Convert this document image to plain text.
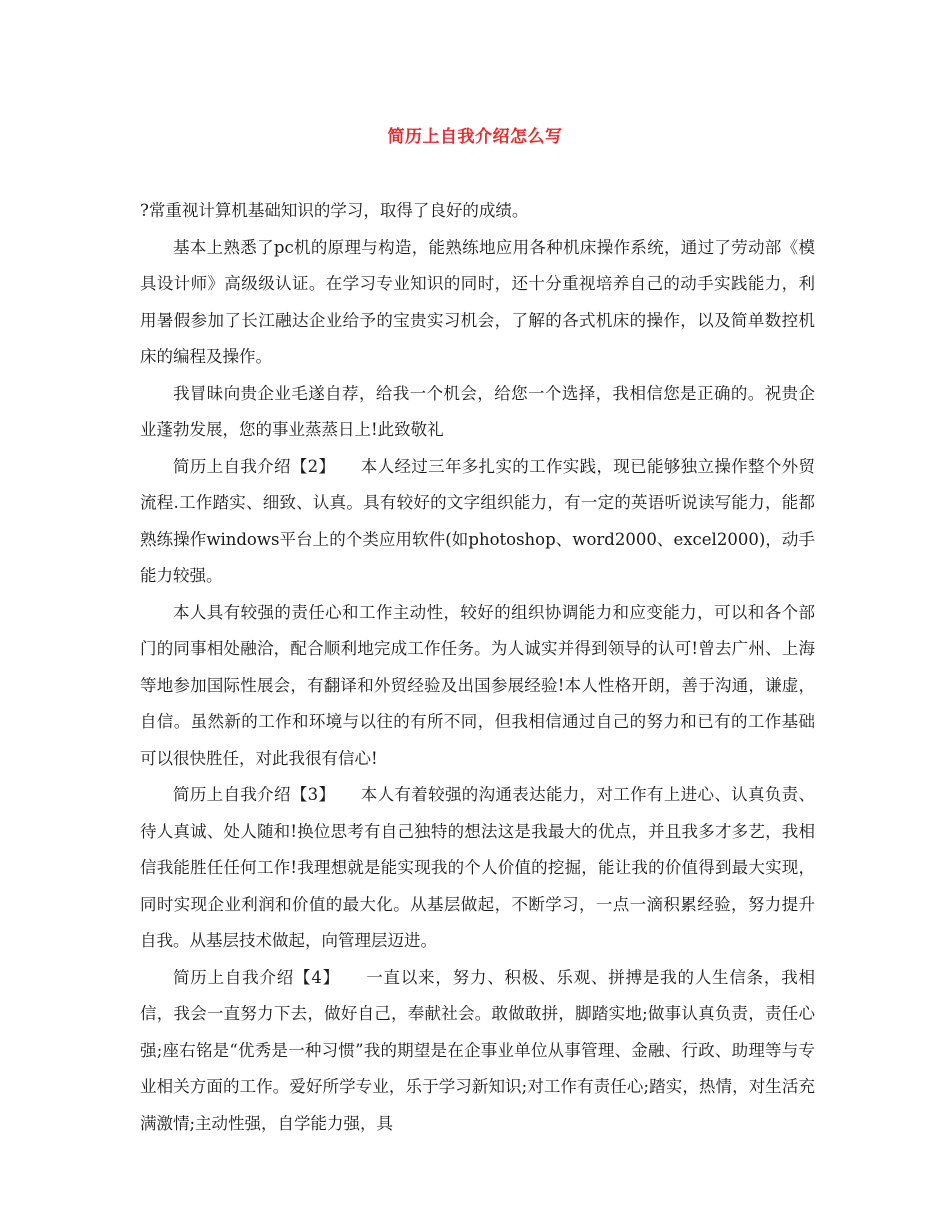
简历上自我介绍怎么写

?常重视计算机基础知识的学习，取得了良好的成绩。

基本上熟悉了pc机的原理与构造，能熟练地应用各种机床操作系统，通过了劳动部《模具设计师》高级级认证。在学习专业知识的同时，还十分重视培养自己的动手实践能力，利用暑假参加了长江融达企业给予的宝贵实习机会，了解的各式机床的操作，以及简单数控机床的编程及操作。

我冒昧向贵企业毛遂自荐，给我一个机会，给您一个选择，我相信您是正确的。祝贵企业蓬勃发展，您的事业蒸蒸日上!此致敬礼

简历上自我介绍【2】　　本人经过三年多扎实的工作实践，现已能够独立操作整个外贸流程.工作踏实、细致、认真。具有较好的文字组织能力，有一定的英语听说读写能力，能都熟练操作windows平台上的个类应用软件(如photoshop、word2000、excel2000)，动手能力较强。

本人具有较强的责任心和工作主动性，较好的组织协调能力和应变能力，可以和各个部门的同事相处融洽，配合顺利地完成工作任务。为人诚实并得到领导的认可!曾去广州、上海等地参加国际性展会，有翻译和外贸经验及出国参展经验!本人性格开朗，善于沟通，谦虚，自信。虽然新的工作和环境与以往的有所不同，但我相信通过自己的努力和已有的工作基础可以很快胜任，对此我很有信心!

简历上自我介绍【3】　　本人有着较强的沟通表达能力，对工作有上进心、认真负责、待人真诚、处人随和!换位思考有自己独特的想法这是我最大的优点，并且我多才多艺，我相信我能胜任任何工作!我理想就是能实现我的个人价值的挖掘，能让我的价值得到最大实现，同时实现企业利润和价值的最大化。从基层做起，不断学习，一点一滴积累经验，努力提升自我。从基层技术做起，向管理层迈进。

简历上自我介绍【4】　　一直以来，努力、积极、乐观、拼搏是我的人生信条，我相信，我会一直努力下去，做好自己，奉献社会。敢做敢拼，脚踏实地;做事认真负责，责任心强;座右铭是“优秀是一种习惯”我的期望是在企事业单位从事管理、金融、行政、助理等与专业相关方面的工作。爱好所学专业，乐于学习新知识;对工作有责任心;踏实，热情，对生活充满激情;主动性强，自学能力强，具
